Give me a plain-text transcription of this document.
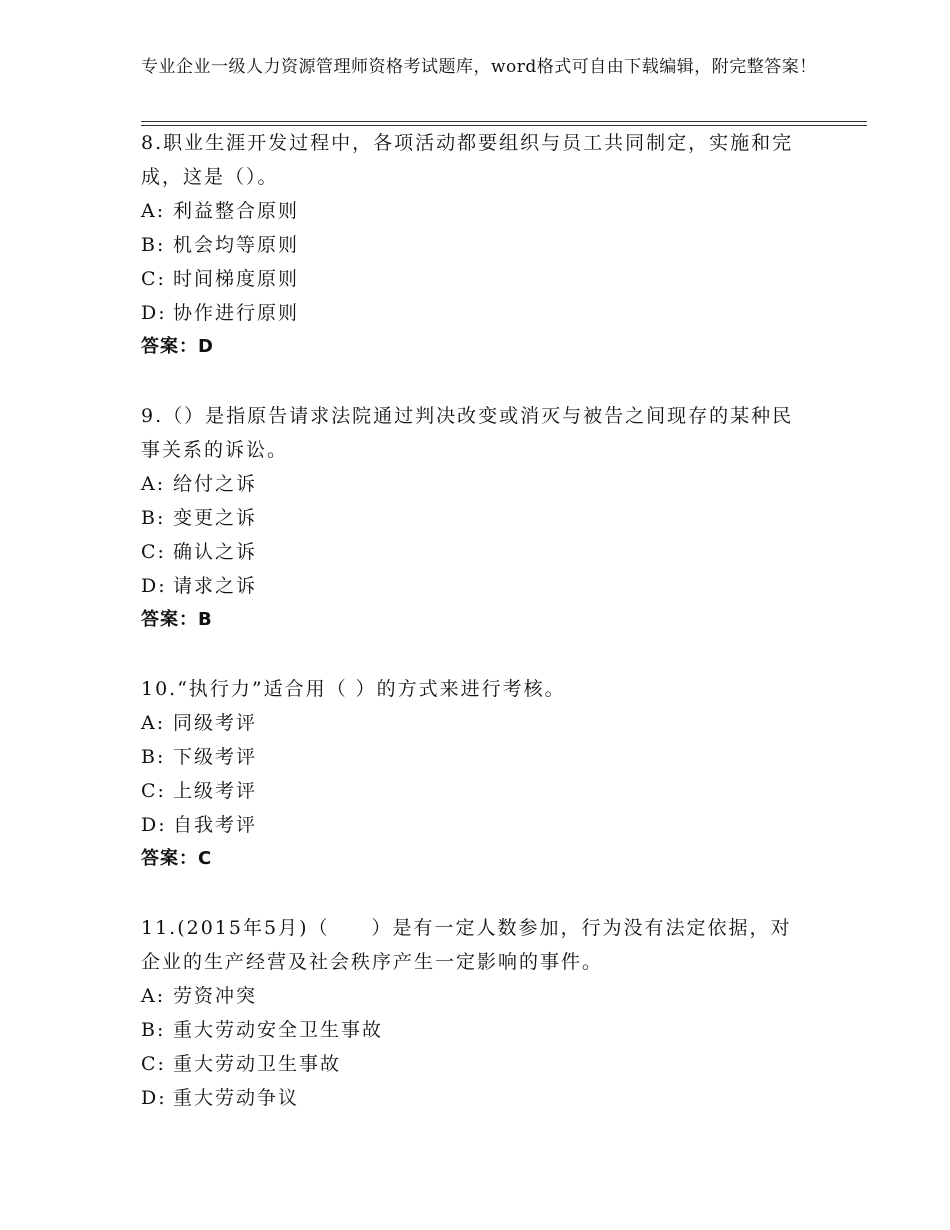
专业企业一级人力资源管理师资格考试题库，word格式可自由下载编辑，附完整答案！

8.职业生涯开发过程中，各项活动都要组织与员工共同制定，实施和完成，这是（）。

A: 利益整合原则

B: 机会均等原则

C: 时间梯度原则

D: 协作进行原则

答案：D

9.（）是指原告请求法院通过判决改变或消灭与被告之间现存的某种民事关系的诉讼。

A: 给付之诉

B: 变更之诉

C: 确认之诉

D: 请求之诉

答案：B

10.“执行力”适合用（ ）的方式来进行考核。

A: 同级考评

B: 下级考评

C: 上级考评

D: 自我考评

答案：C

11.(2015年5月)（　　）是有一定人数参加，行为没有法定依据，对企业的生产经营及社会秩序产生一定影响的事件。

A: 劳资冲突

B: 重大劳动安全卫生事故

C: 重大劳动卫生事故

D: 重大劳动争议
